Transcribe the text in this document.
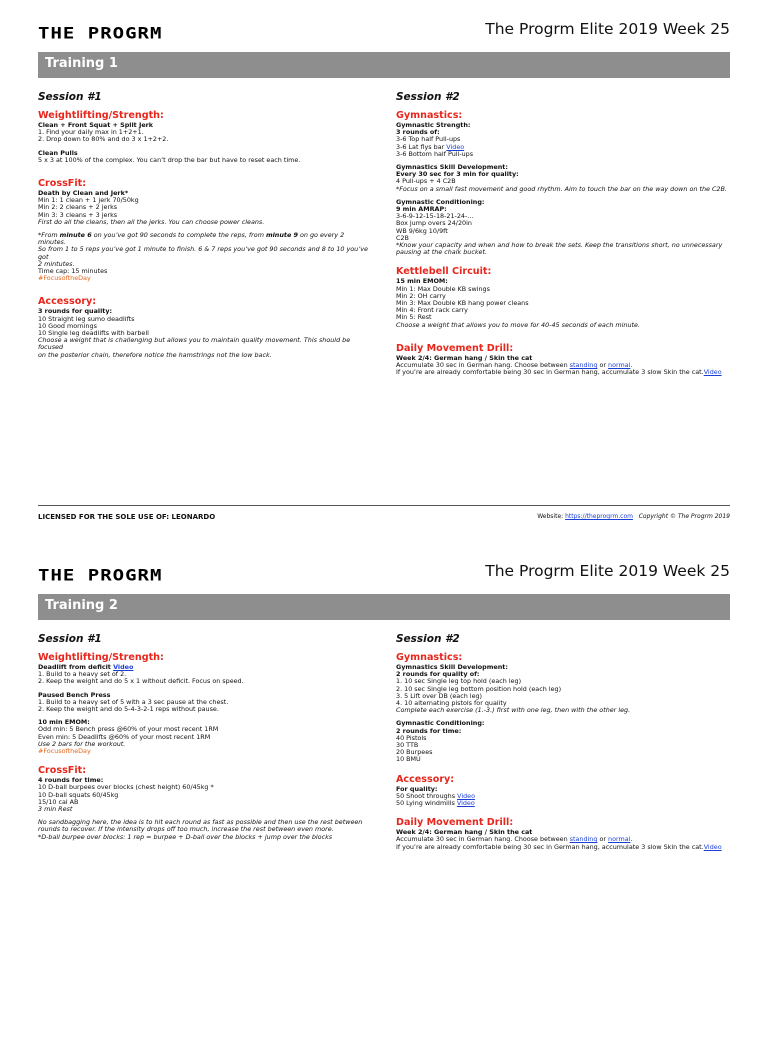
THE PROGRM	The Progrm Elite 2019 Week 25
Training 1
Session #1
Weightlifting/Strength:
Clean + Front Squat + Split Jerk
1. Find your daily max in 1+2+1.
2. Drop down to 80% and do 3 x 1+2+2.
Clean Pulls
5 x 3 at 100% of the complex. You can’t drop the bar but have to reset each time.
CrossFit:
Death by Clean and Jerk*
Min 1: 1 clean + 1 jerk 70/50kg
Min 2: 2 cleans + 2 jerks
Min 3: 3 cleans + 3 jerks
First do all the cleans, then all the jerks. You can choose power cleans.
*From minute 6 on you’ve got 90 seconds to complete the reps, from minute 9 on go every 2 minutes.
So from 1 to 5 reps you’ve got 1 minute to finish. 6 & 7 reps you’ve got 90 seconds and 8 to 10 you’ve got
2 mintutes.
Time cap: 15 minutes
#FocusoftheDay
Accessory:
3 rounds for quality:
10 Straight leg sumo deadlifts
10 Good mornings
10 Single leg deadlifts with barbell
Choose a weight that is challenging but allows you to maintain quality movement. This should be focused
on the posterior chain, therefore notice the hamstrings not the low back.
Session #2
Gymnastics:
Gymnastic Strength:
3 rounds of:
3-6 Top half Pull-ups
3-6 Lat flys bar Video
3-6 Bottom half Pull-ups
Gymnastics Skill Development:
Every 30 sec for 3 min for quality:
4 Pull-ups + 4 C2B
*Focus on a small fast movement and good rhythm. Aim to touch the bar on the way down on the C2B.
Gymnastic Conditioning:
9 min AMRAP:
3-6-9-12-15-18-21-24-...
Box jump overs 24/20in
WB 9/6kg 10/9ft
C2B
*Know your capacity and when and how to break the sets. Keep the transitions short, no unnecessary
pausing at the chalk bucket.
Kettlebell Circuit:
15 min EMOM:
Min 1: Max Double KB swings
Min 2: OH carry
Min 3: Max Double KB hang power cleans
Min 4: Front rack carry
Min 5: Rest
Choose a weight that allows you to move for 40-45 seconds of each minute.
Daily Movement Drill:
Week 2/4: German hang / Skin the cat
Accumulate 30 sec in German hang. Choose between standing or normal.
If you’re are already comfortable being 30 sec in German hang, accumulate 3 slow Skin the cat.Video
LICENSED FOR THE SOLE USE OF: LEONARDO	Website: https://theprogrm.com Copyright © The Progrm 2019
THE PROGRM	The Progrm Elite 2019 Week 25
Training 2
Session #1
Weightlifting/Strength:
Deadlift from deficit Video
1. Build to a heavy set of 2.
2. Keep the weight and do 5 x 1 without deficit. Focus on speed.
Paused Bench Press
1. Build to a heavy set of 5 with a 3 sec pause at the chest.
2. Keep the weight and do 5-4-3-2-1 reps without pause.
10 min EMOM:
Odd min: 5 Bench press @60% of your most recent 1RM
Even min: 5 Deadlifts @60% of your most recent 1RM
Use 2 bars for the workout.
#FocusoftheDay
CrossFit:
4 rounds for time:
10 D-ball burpees over blocks (chest height) 60/45kg *
10 D-ball squats 60/45kg
15/10 cal AB
3 min Rest
No sandbagging here, the idea is to hit each round as fast as possible and then use the rest between
rounds to recover. If the intensity drops off too much, increase the rest between even more.
*D-ball burpee over blocks: 1 rep = burpee + D-ball over the blocks + jump over the blocks
Session #2
Gymnastics:
Gymnastics Skill Development:
2 rounds for quality of:
1. 10 sec Single leg top hold (each leg)
2. 10 sec Single leg bottom position hold (each leg)
3. 5 Lift over DB (each leg)
4. 10 alternating pistols for quality
Complete each exercise (1.-3.) first with one leg, then with the other leg.
Gymnastic Conditioning:
2 rounds for time:
40 Pistols
30 TTB
20 Burpees
10 BMU
Accessory:
For quality:
50 Shoot throughs Video
50 Lying windmills Video
Daily Movement Drill:
Week 2/4: German hang / Skin the cat
Accumulate 30 sec in German hang. Choose between standing or normal.
If you’re are already comfortable being 30 sec in German hang, accumulate 3 slow Skin the cat.Video
